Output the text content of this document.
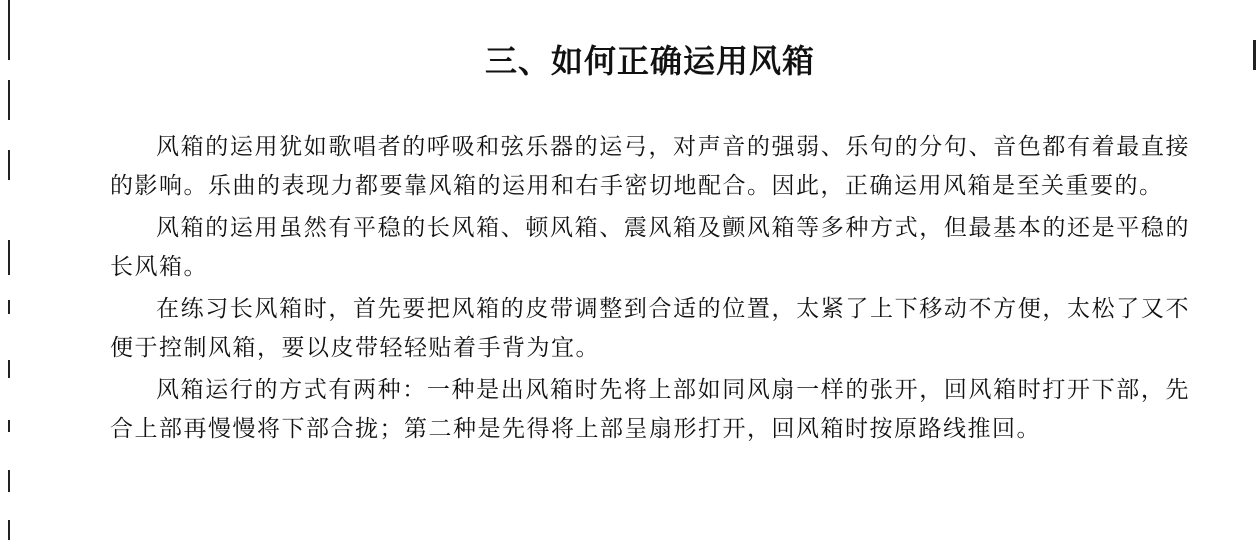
三、如何正确运用风箱

风箱的运用犹如歌唱者的呼吸和弦乐器的运弓，对声音的强弱、乐句的分句、音色都有着最直接的影响。乐曲的表现力都要靠风箱的运用和右手密切地配合。因此，正确运用风箱是至关重要的。

风箱的运用虽然有平稳的长风箱、顿风箱、震风箱及颤风箱等多种方式，但最基本的还是平稳的长风箱。

在练习长风箱时，首先要把风箱的皮带调整到合适的位置，太紧了上下移动不方便，太松了又不便于控制风箱，要以皮带轻轻贴着手背为宜。

风箱运行的方式有两种：一种是出风箱时先将上部如同风扇一样的张开，回风箱时打开下部，先合上部再慢慢将下部合拢；第二种是先得将上部呈扇形打开，回风箱时按原路线推回。
